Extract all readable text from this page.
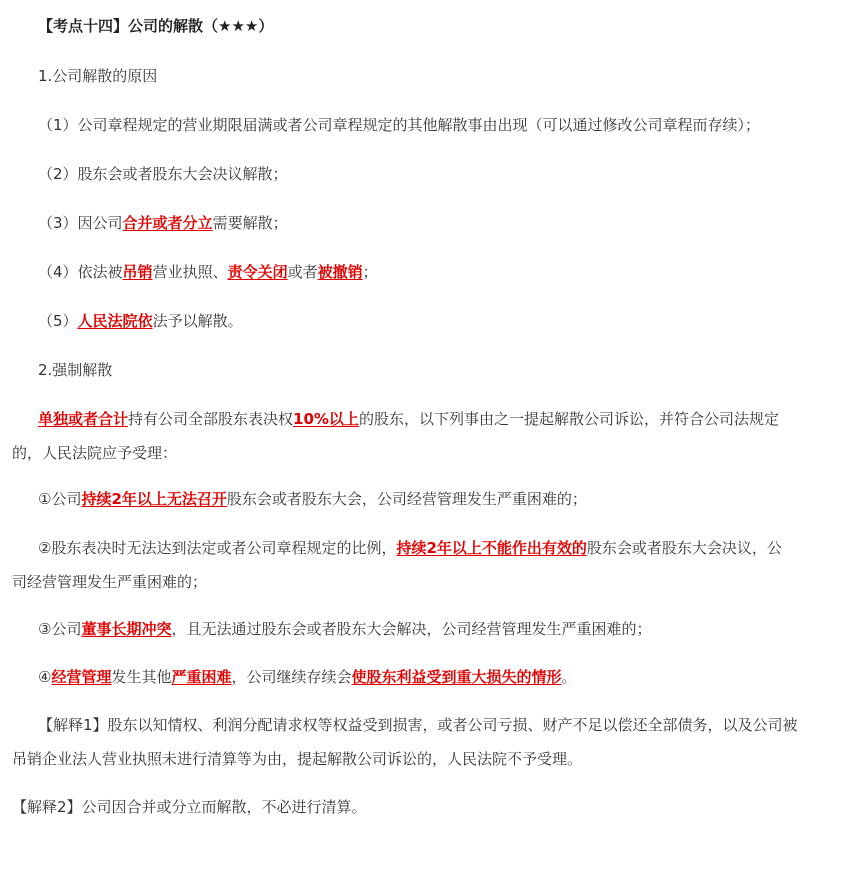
【考点十四】公司的解散（★★★）
1.公司解散的原因
（1）公司章程规定的营业期限届满或者公司章程规定的其他解散事由出现（可以通过修改公司章程而存续）；
（2）股东会或者股东大会决议解散；
（3）因公司合并或者分立需要解散；
（4）依法被吊销营业执照、责令关闭或者被撤销；
（5）人民法院依法予以解散。
2.强制解散
单独或者合计持有公司全部股东表决权10%以上的股东，以下列事由之一提起解散公司诉讼，并符合公司法规定
的，人民法院应予受理：
①公司持续2年以上无法召开股东会或者股东大会，公司经营管理发生严重困难的；
②股东表决时无法达到法定或者公司章程规定的比例，持续2年以上不能作出有效的股东会或者股东大会决议，公
司经营管理发生严重困难的；
③公司董事长期冲突，且无法通过股东会或者股东大会解决，公司经营管理发生严重困难的；
④经营管理发生其他严重困难，公司继续存续会使股东利益受到重大损失的情形。
【解释1】股东以知情权、利润分配请求权等权益受到损害，或者公司亏损、财产不足以偿还全部债务，以及公司被
吊销企业法人营业执照未进行清算等为由，提起解散公司诉讼的，人民法院不予受理。
【解释2】公司因合并或分立而解散，不必进行清算。
